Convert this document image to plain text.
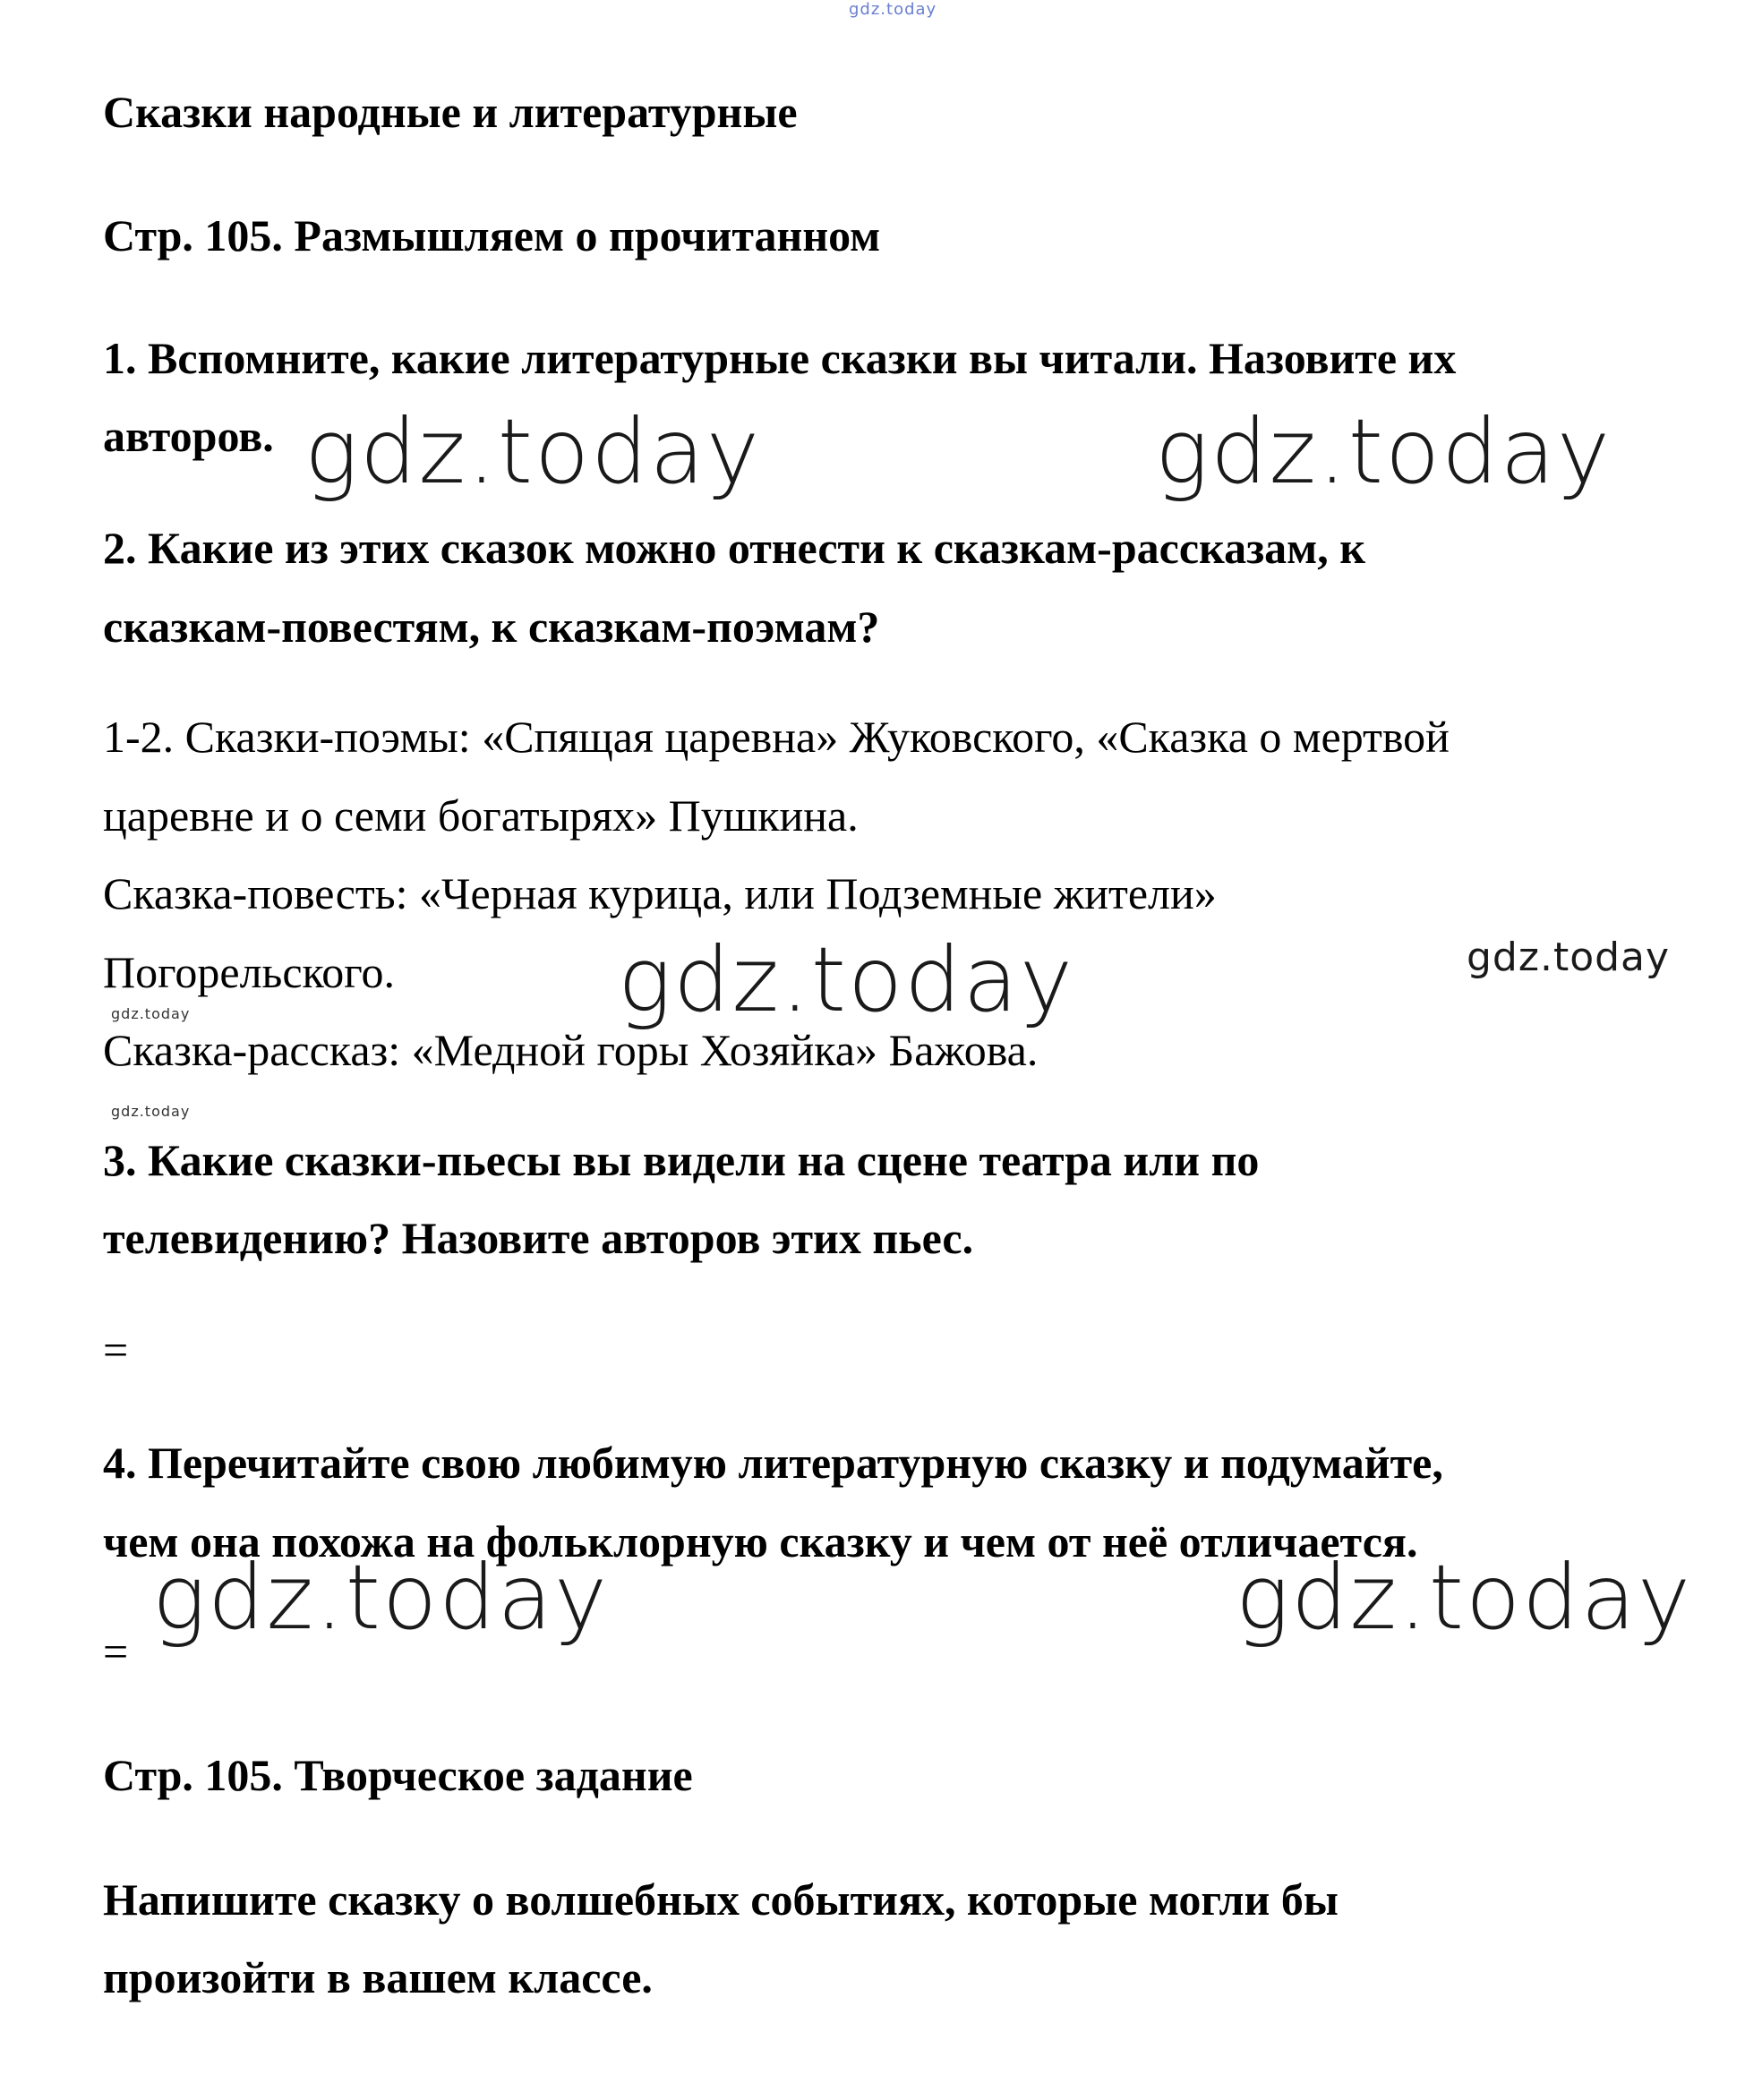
gdz.today
Сказки народные и литературные
Стр. 105. Размышляем о прочитанном
1. Вспомните, какие литературные сказки вы читали. Назовите их
авторов.
2. Какие из этих сказок можно отнести к сказкам-рассказам, к
сказкам-повестям, к сказкам-поэмам?
1-2. Сказки-поэмы: «Спящая царевна» Жуковского, «Сказка о мертвой
царевне и о семи богатырях» Пушкина.
Сказка-повесть: «Черная курица, или Подземные жители»
Погорельского.
Сказка-рассказ: «Медной горы Хозяйка» Бажова.
3. Какие сказки-пьесы вы видели на сцене театра или по
телевидению? Назовите авторов этих пьес.
=
4. Перечитайте свою любимую литературную сказку и подумайте,
чем она похожа на фольклорную сказку и чем от неё отличается.
=
Стр. 105. Творческое задание
Напишите сказку о волшебных событиях, которые могли бы
произойти в вашем классе.
gdz.today	gdz.today
gdz.today	gdz.today
gdz.today
gdz.today
gdz.today	gdz.today
